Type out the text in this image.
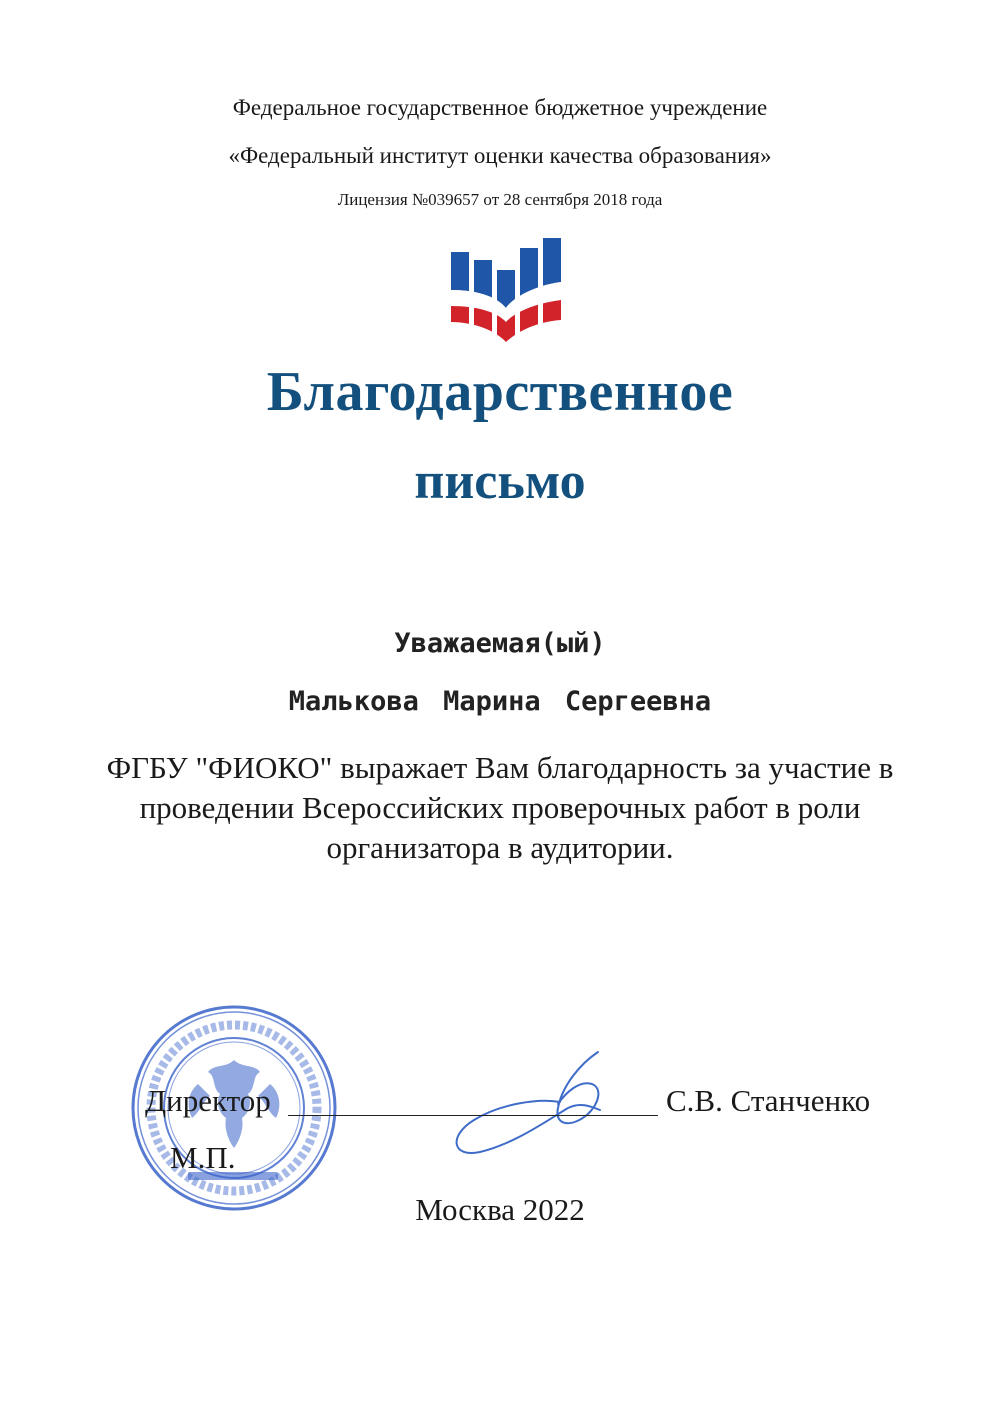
Федеральное государственное бюджетное учреждение
«Федеральный институт оценки качества образования»
Лицензия №039657 от 28 сентября 2018 года
Благодарственное
письмо
Уважаемая(ый)
Малькова Марина Сергеевна
ФГБУ "ФИОКО" выражает Вам благодарность за участие в проведении Всероссийских проверочных работ в роли организатора в аудитории.
Директор	С.В. Станченко
М.П.
Москва 2022
